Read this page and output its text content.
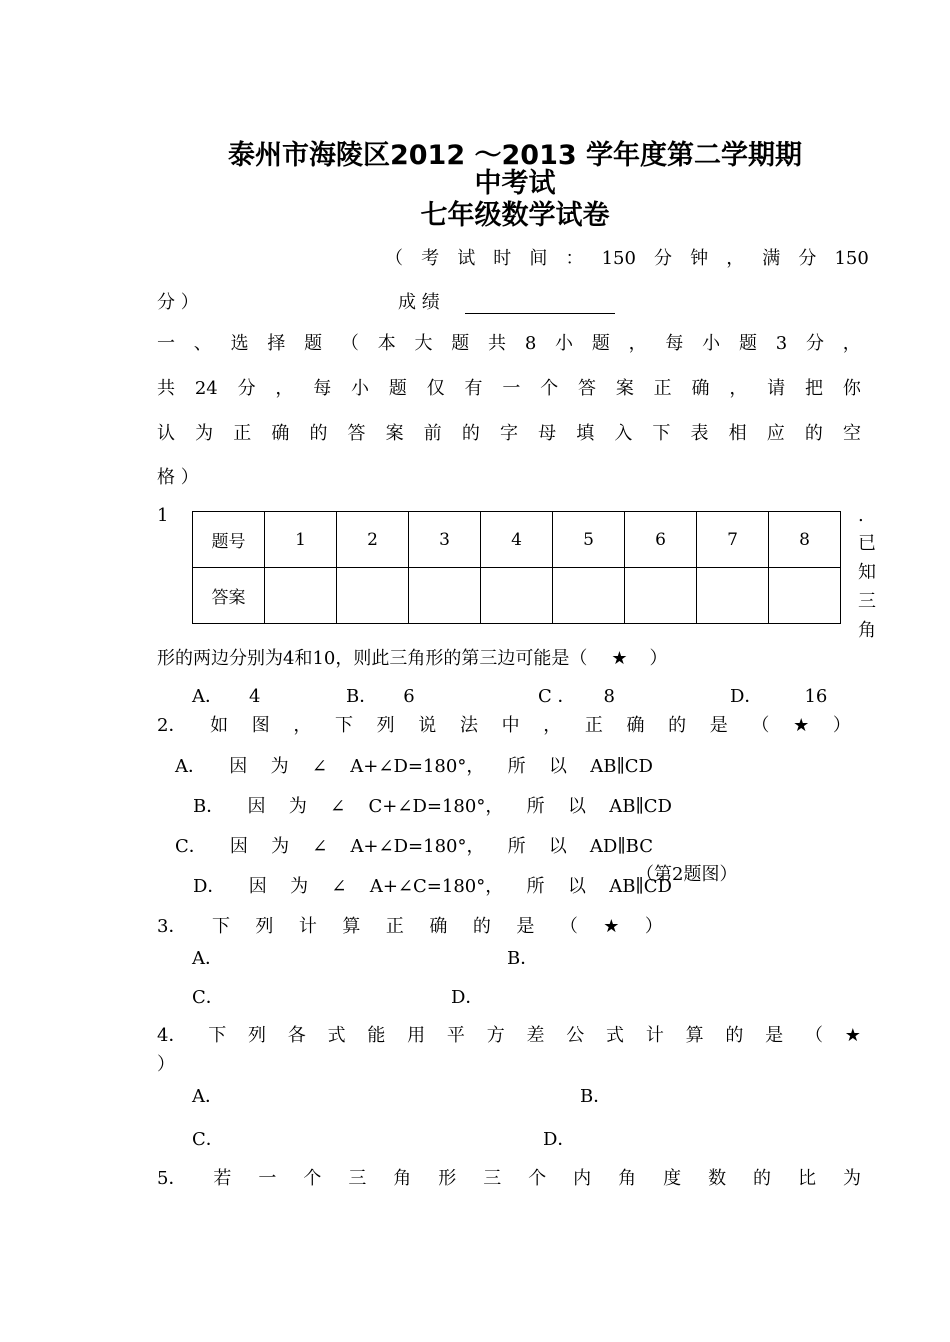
泰州市海陵区2012 ～2013 学年度第二学期期
中考试
七年级数学试卷
（ 考 试 时 间 ： 150 分 钟 ， 满 分 150
分 ）	成 绩
一 、 选 择 题 （ 本 大 题 共 8 小 题 ， 每 小 题 3 分 ，
共 24 分 ， 每 小 题 仅 有 一 个 答 案 正 确 ， 请 把 你
认 为 正 确 的 答 案 前 的 字 母 填 入 下 表 相 应 的 空
格 ）
1	.
已
知
三
角
题号	1	2	3	4	5	6	7	8
答案								
形的两边分别为4和10，则此三角形的第三边可能是（ ★ ）
A． 4	B． 6	C ． 8	D． 16
2． 如 图 ， 下 列 说 法 中 ， 正 确 的 是 （ ★ ）
A． 因 为 ∠ A+∠D=180°， 所 以 AB∥CD
B． 因 为 ∠ C+∠D=180°， 所 以 AB∥CD
C． 因 为 ∠ A+∠D=180°， 所 以 AD∥BC
（第2题图）
D． 因 为 ∠ A+∠C=180°， 所 以 AB∥CD
3． 下 列 计 算 正 确 的 是 （ ★ ）
A．	B．
C．	D．
4． 下 列 各 式 能 用 平 方 差 公 式 计 算 的 是 （ ★
）
A．	B．
C．	D．
5． 若 一 个 三 角 形 三 个 内 角 度 数 的 比 为
